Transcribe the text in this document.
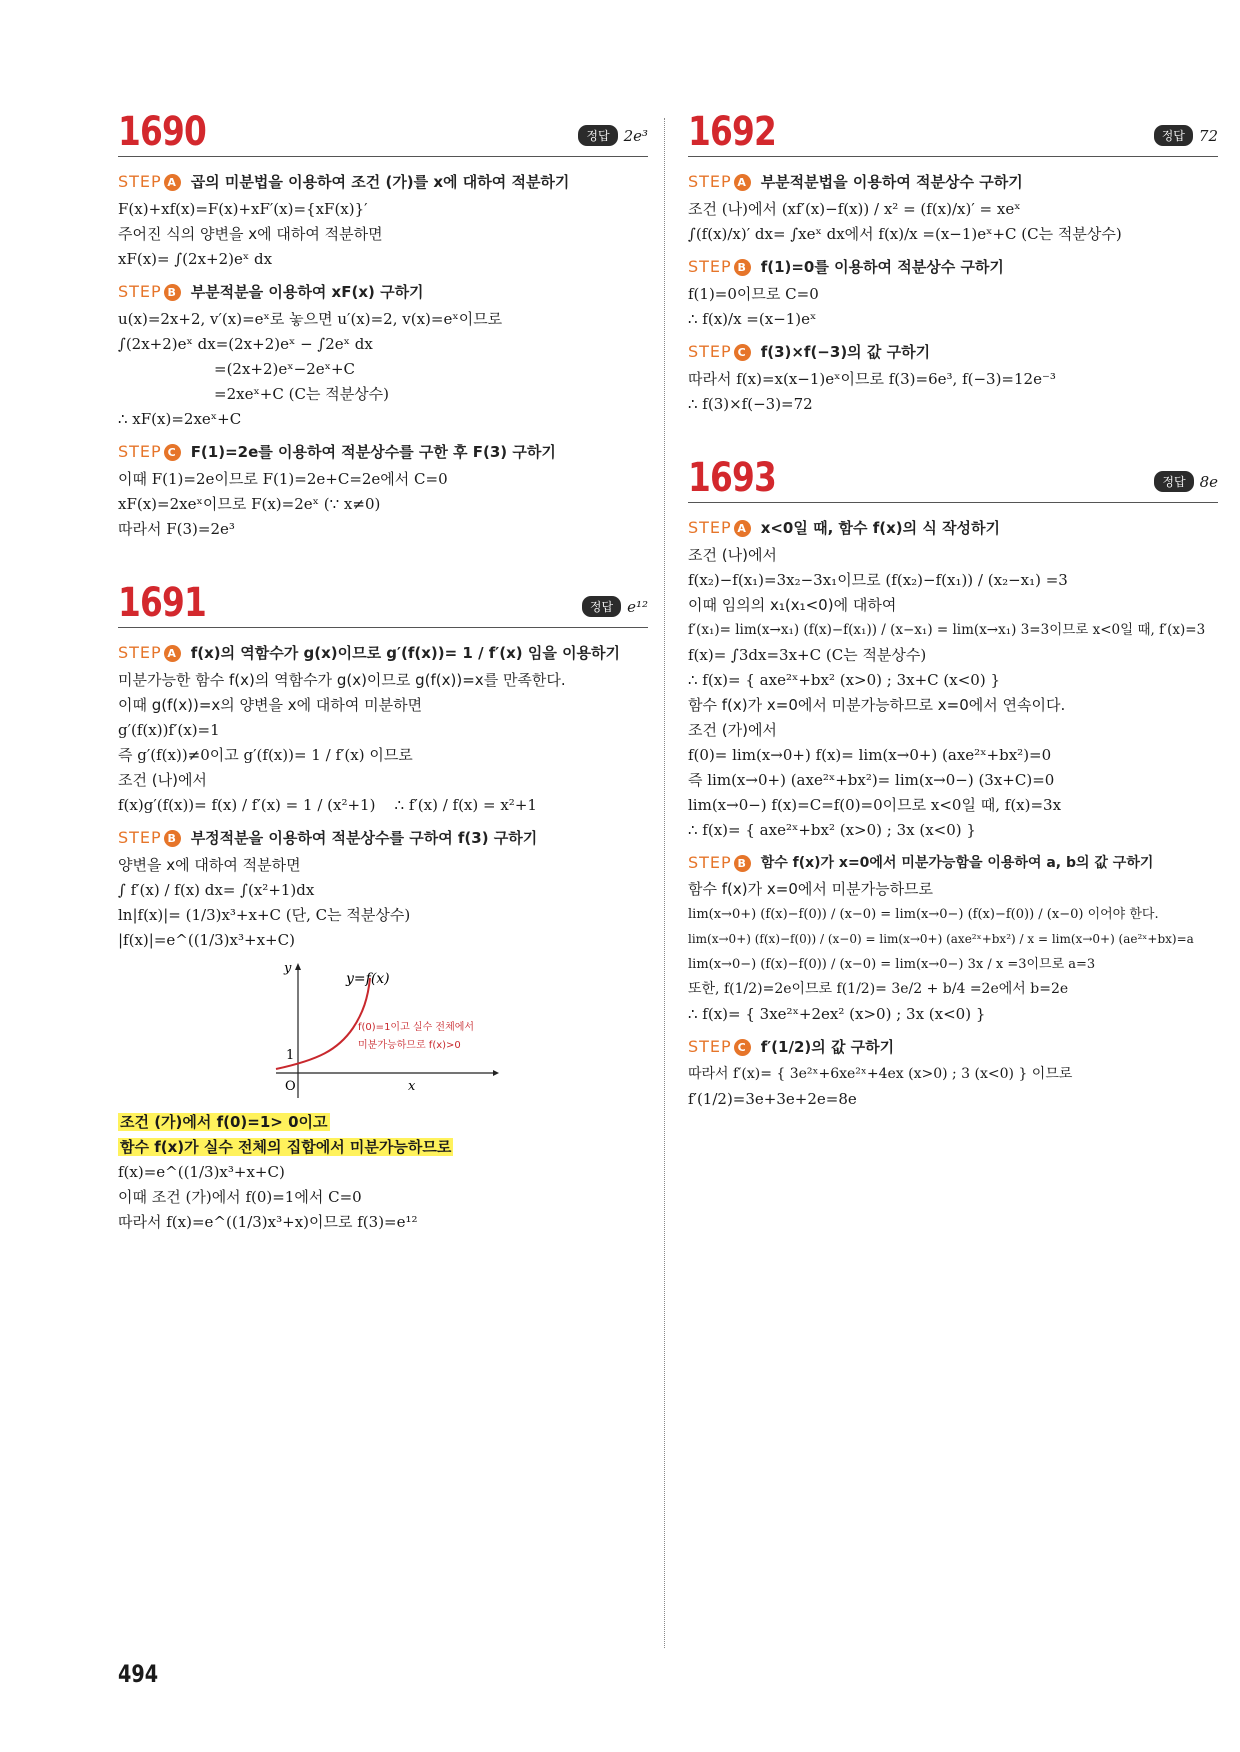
1690	정답 2e³
STEP A 곱의 미분법을 이용하여 조건 (가)를 x에 대하여 적분하기
F(x)+xf(x)=F(x)+xF′(x)={xF(x)}′
주어진 식의 양변을 x에 대하여 적분하면
xF(x)= ∫(2x+2)eˣ dx
STEP B 부분적분을 이용하여 xF(x) 구하기
u(x)=2x+2, v′(x)=eˣ로 놓으면 u′(x)=2, v(x)=eˣ이므로
∫(2x+2)eˣ dx=(2x+2)eˣ − ∫2eˣ dx
=(2x+2)eˣ−2eˣ+C
=2xeˣ+C (C는 적분상수)
∴ xF(x)=2xeˣ+C
STEP C F(1)=2e를 이용하여 적분상수를 구한 후 F(3) 구하기
이때 F(1)=2e이므로 F(1)=2e+C=2e에서 C=0
xF(x)=2xeˣ이므로 F(x)=2eˣ (∵ x≠0)
따라서 F(3)=2e³
1691	정답 e¹²
STEP A f(x)의 역함수가 g(x)이므로 g′(f(x))= 1 / f′(x) 임을 이용하기
미분가능한 함수 f(x)의 역함수가 g(x)이므로 g(f(x))=x를 만족한다.
이때 g(f(x))=x의 양변을 x에 대하여 미분하면
g′(f(x))f′(x)=1
즉 g′(f(x))≠0이고 g′(f(x))= 1 / f′(x) 이므로
조건 (나)에서
f(x)g′(f(x))= f(x) / f′(x) = 1 / (x²+1)    ∴ f′(x) / f(x) = x²+1
STEP B 부정적분을 이용하여 적분상수를 구하여 f(3) 구하기
양변을 x에 대하여 적분하면
∫ f′(x) / f(x) dx= ∫(x²+1)dx
ln|f(x)|= (1/3)x³+x+C (단, C는 적분상수)
|f(x)|=e^((1/3)x³+x+C)
y
x
O
1
y=f(x)
f(0)=1이고 실수 전체에서
미분가능하므로 f(x)>0
조건 (가)에서 f(0)=1> 0이고
함수 f(x)가 실수 전체의 집합에서 미분가능하므로
f(x)=e^((1/3)x³+x+C)
이때 조건 (가)에서 f(0)=1에서 C=0
따라서 f(x)=e^((1/3)x³+x)이므로 f(3)=e¹²
1692	정답 72
STEP A 부분적분법을 이용하여 적분상수 구하기
조건 (나)에서 (xf′(x)−f(x)) / x² = (f(x)/x)′ = xeˣ
∫(f(x)/x)′ dx= ∫xeˣ dx에서 f(x)/x =(x−1)eˣ+C (C는 적분상수)
STEP B f(1)=0를 이용하여 적분상수 구하기
f(1)=0이므로 C=0
∴ f(x)/x =(x−1)eˣ
STEP C f(3)×f(−3)의 값 구하기
따라서 f(x)=x(x−1)eˣ이므로 f(3)=6e³, f(−3)=12e⁻³
∴ f(3)×f(−3)=72
1693	정답 8e
STEP A x<0일 때, 함수 f(x)의 식 작성하기
조건 (나)에서
f(x₂)−f(x₁)=3x₂−3x₁이므로 (f(x₂)−f(x₁)) / (x₂−x₁) =3
이때 임의의 x₁(x₁<0)에 대하여
f′(x₁)= lim(x→x₁) (f(x)−f(x₁)) / (x−x₁) = lim(x→x₁) 3=3이므로 x<0일 때, f′(x)=3
f(x)= ∫3dx=3x+C (C는 적분상수)
∴ f(x)= { axe²ˣ+bx² (x>0) ; 3x+C (x<0) }
함수 f(x)가 x=0에서 미분가능하므로 x=0에서 연속이다.
조건 (가)에서
f(0)= lim(x→0+) f(x)= lim(x→0+) (axe²ˣ+bx²)=0
즉 lim(x→0+) (axe²ˣ+bx²)= lim(x→0−) (3x+C)=0
lim(x→0−) f(x)=C=f(0)=0이므로 x<0일 때, f(x)=3x
∴ f(x)= { axe²ˣ+bx² (x>0) ; 3x (x<0) }
STEP B 함수 f(x)가 x=0에서 미분가능함을 이용하여 a, b의 값 구하기
함수 f(x)가 x=0에서 미분가능하므로
lim(x→0+) (f(x)−f(0)) / (x−0) = lim(x→0−) (f(x)−f(0)) / (x−0) 이어야 한다.
lim(x→0+) (f(x)−f(0)) / (x−0) = lim(x→0+) (axe²ˣ+bx²) / x = lim(x→0+) (ae²ˣ+bx)=a
lim(x→0−) (f(x)−f(0)) / (x−0) = lim(x→0−) 3x / x =3이므로 a=3
또한, f(1/2)=2e이므로 f(1/2)= 3e/2 + b/4 =2e에서 b=2e
∴ f(x)= { 3xe²ˣ+2ex² (x>0) ; 3x (x<0) }
STEP C f′(1/2)의 값 구하기
따라서 f′(x)= { 3e²ˣ+6xe²ˣ+4ex (x>0) ; 3 (x<0) } 이므로
f′(1/2)=3e+3e+2e=8e
494
